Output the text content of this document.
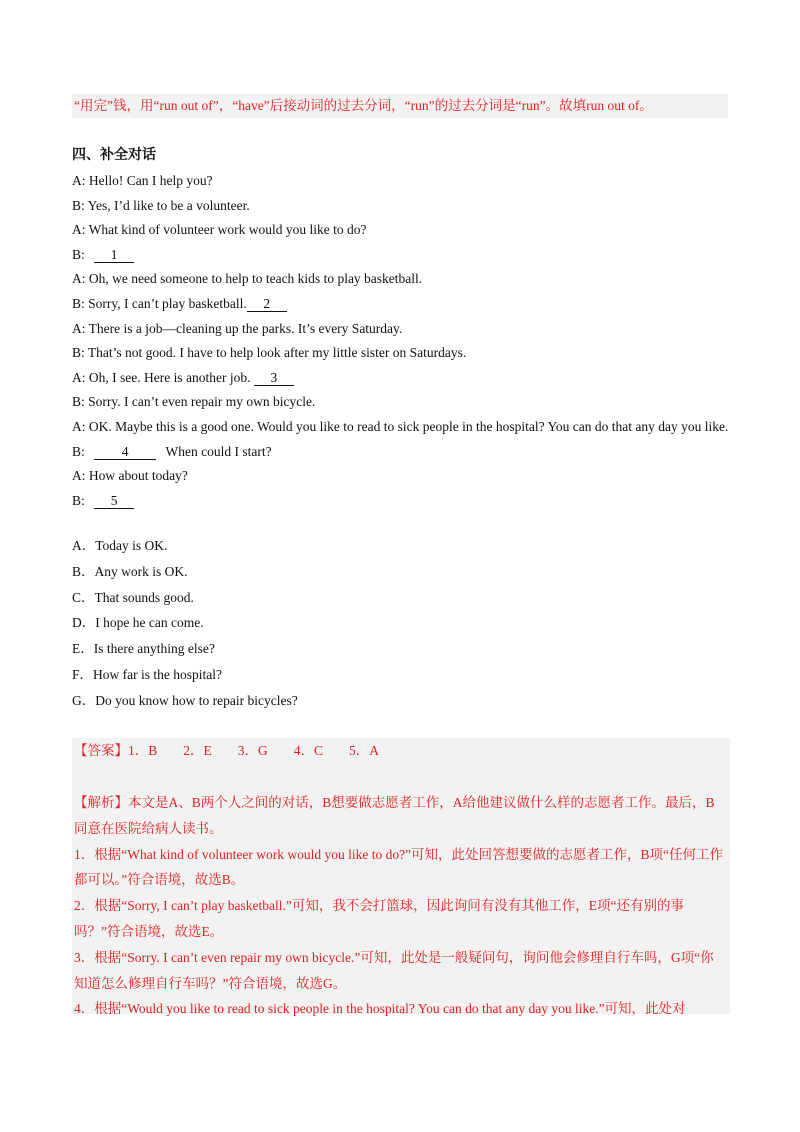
“用完”钱，用“run out of”，“have”后接动词的过去分词，“run”的过去分词是“run”。故填run out of。
四、补全对话
A: Hello! Can I help you?
B: Yes, I’d like to be a volunteer.
A: What kind of volunteer work would you like to do?
B: 1
A: Oh, we need someone to help to teach kids to play basketball.
B: Sorry, I can’t play basketball. 2
A: There is a job—cleaning up the parks. It’s every Saturday.
B: That’s not good. I have to help look after my little sister on Saturdays.
A: Oh, I see. Here is another job. 3
B: Sorry. I can’t even repair my own bicycle.
A: OK. Maybe this is a good one. Would you like to read to sick people in the hospital? You can do that any day you like.
B:	4	When could I start?
A: How about today?
B: 5
A．Today is OK.
B．Any work is OK.
C．That sounds good.
D．I hope he can come.
E．Is there anything else?
F．How far is the hospital?
G．Do you know how to repair bicycles?
【答案】1．B 2．E 3．G 4．C 5．A

【解析】本文是A、B两个人之间的对话，B想要做志愿者工作，A给他建议做什么样的志愿者工作。最后，B同意在医院给病人读书。

1．根据“What kind of volunteer work would you like to do?”可知，此处回答想要做的志愿者工作，B项“任何工作都可以。”符合语境，故选B。

2．根据“Sorry, I can’t play basketball.”可知，我不会打篮球，因此询问有没有其他工作，E项“还有别的事吗？”符合语境，故选E。

3．根据“Sorry. I can’t even repair my own bicycle.”可知，此处是一般疑问句，询问他会修理自行车吗，G项“你知道怎么修理自行车吗？”符合语境，故选G。

4．根据“Would you like to read to sick people in the hospital? You can do that any day you like.”可知，此处对
